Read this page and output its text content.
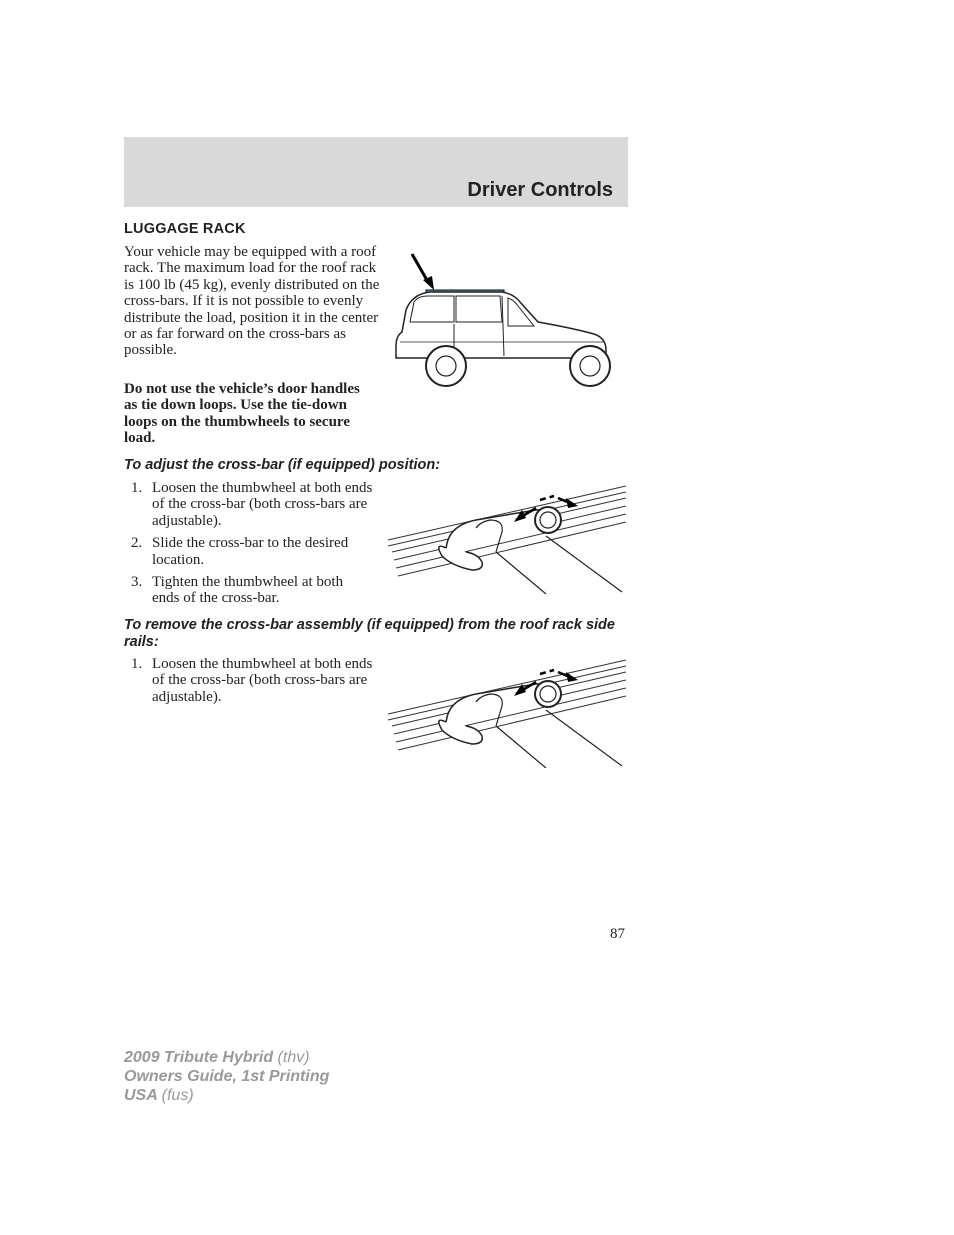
Driver Controls
LUGGAGE RACK
Your vehicle may be equipped with a roof rack. The maximum load for the roof rack is 100 lb (45 kg), evenly distributed on the cross-bars. If it is not possible to evenly distribute the load, position it in the center or as far forward on the cross-bars as possible.
Do not use the vehicle’s door handles as tie down loops. Use the tie-down loops on the thumbwheels to secure load.
To adjust the cross-bar (if equipped) position:
1. Loosen the thumbwheel at both ends of the cross-bar (both cross-bars are adjustable).
2. Slide the cross-bar to the desired location.
3. Tighten the thumbwheel at both ends of the cross-bar.
To remove the cross-bar assembly (if equipped) from the roof rack side rails:
1. Loosen the thumbwheel at both ends of the cross-bar (both cross-bars are adjustable).
87
2009 Tribute Hybrid (thv)
Owners Guide, 1st Printing
USA (fus)
